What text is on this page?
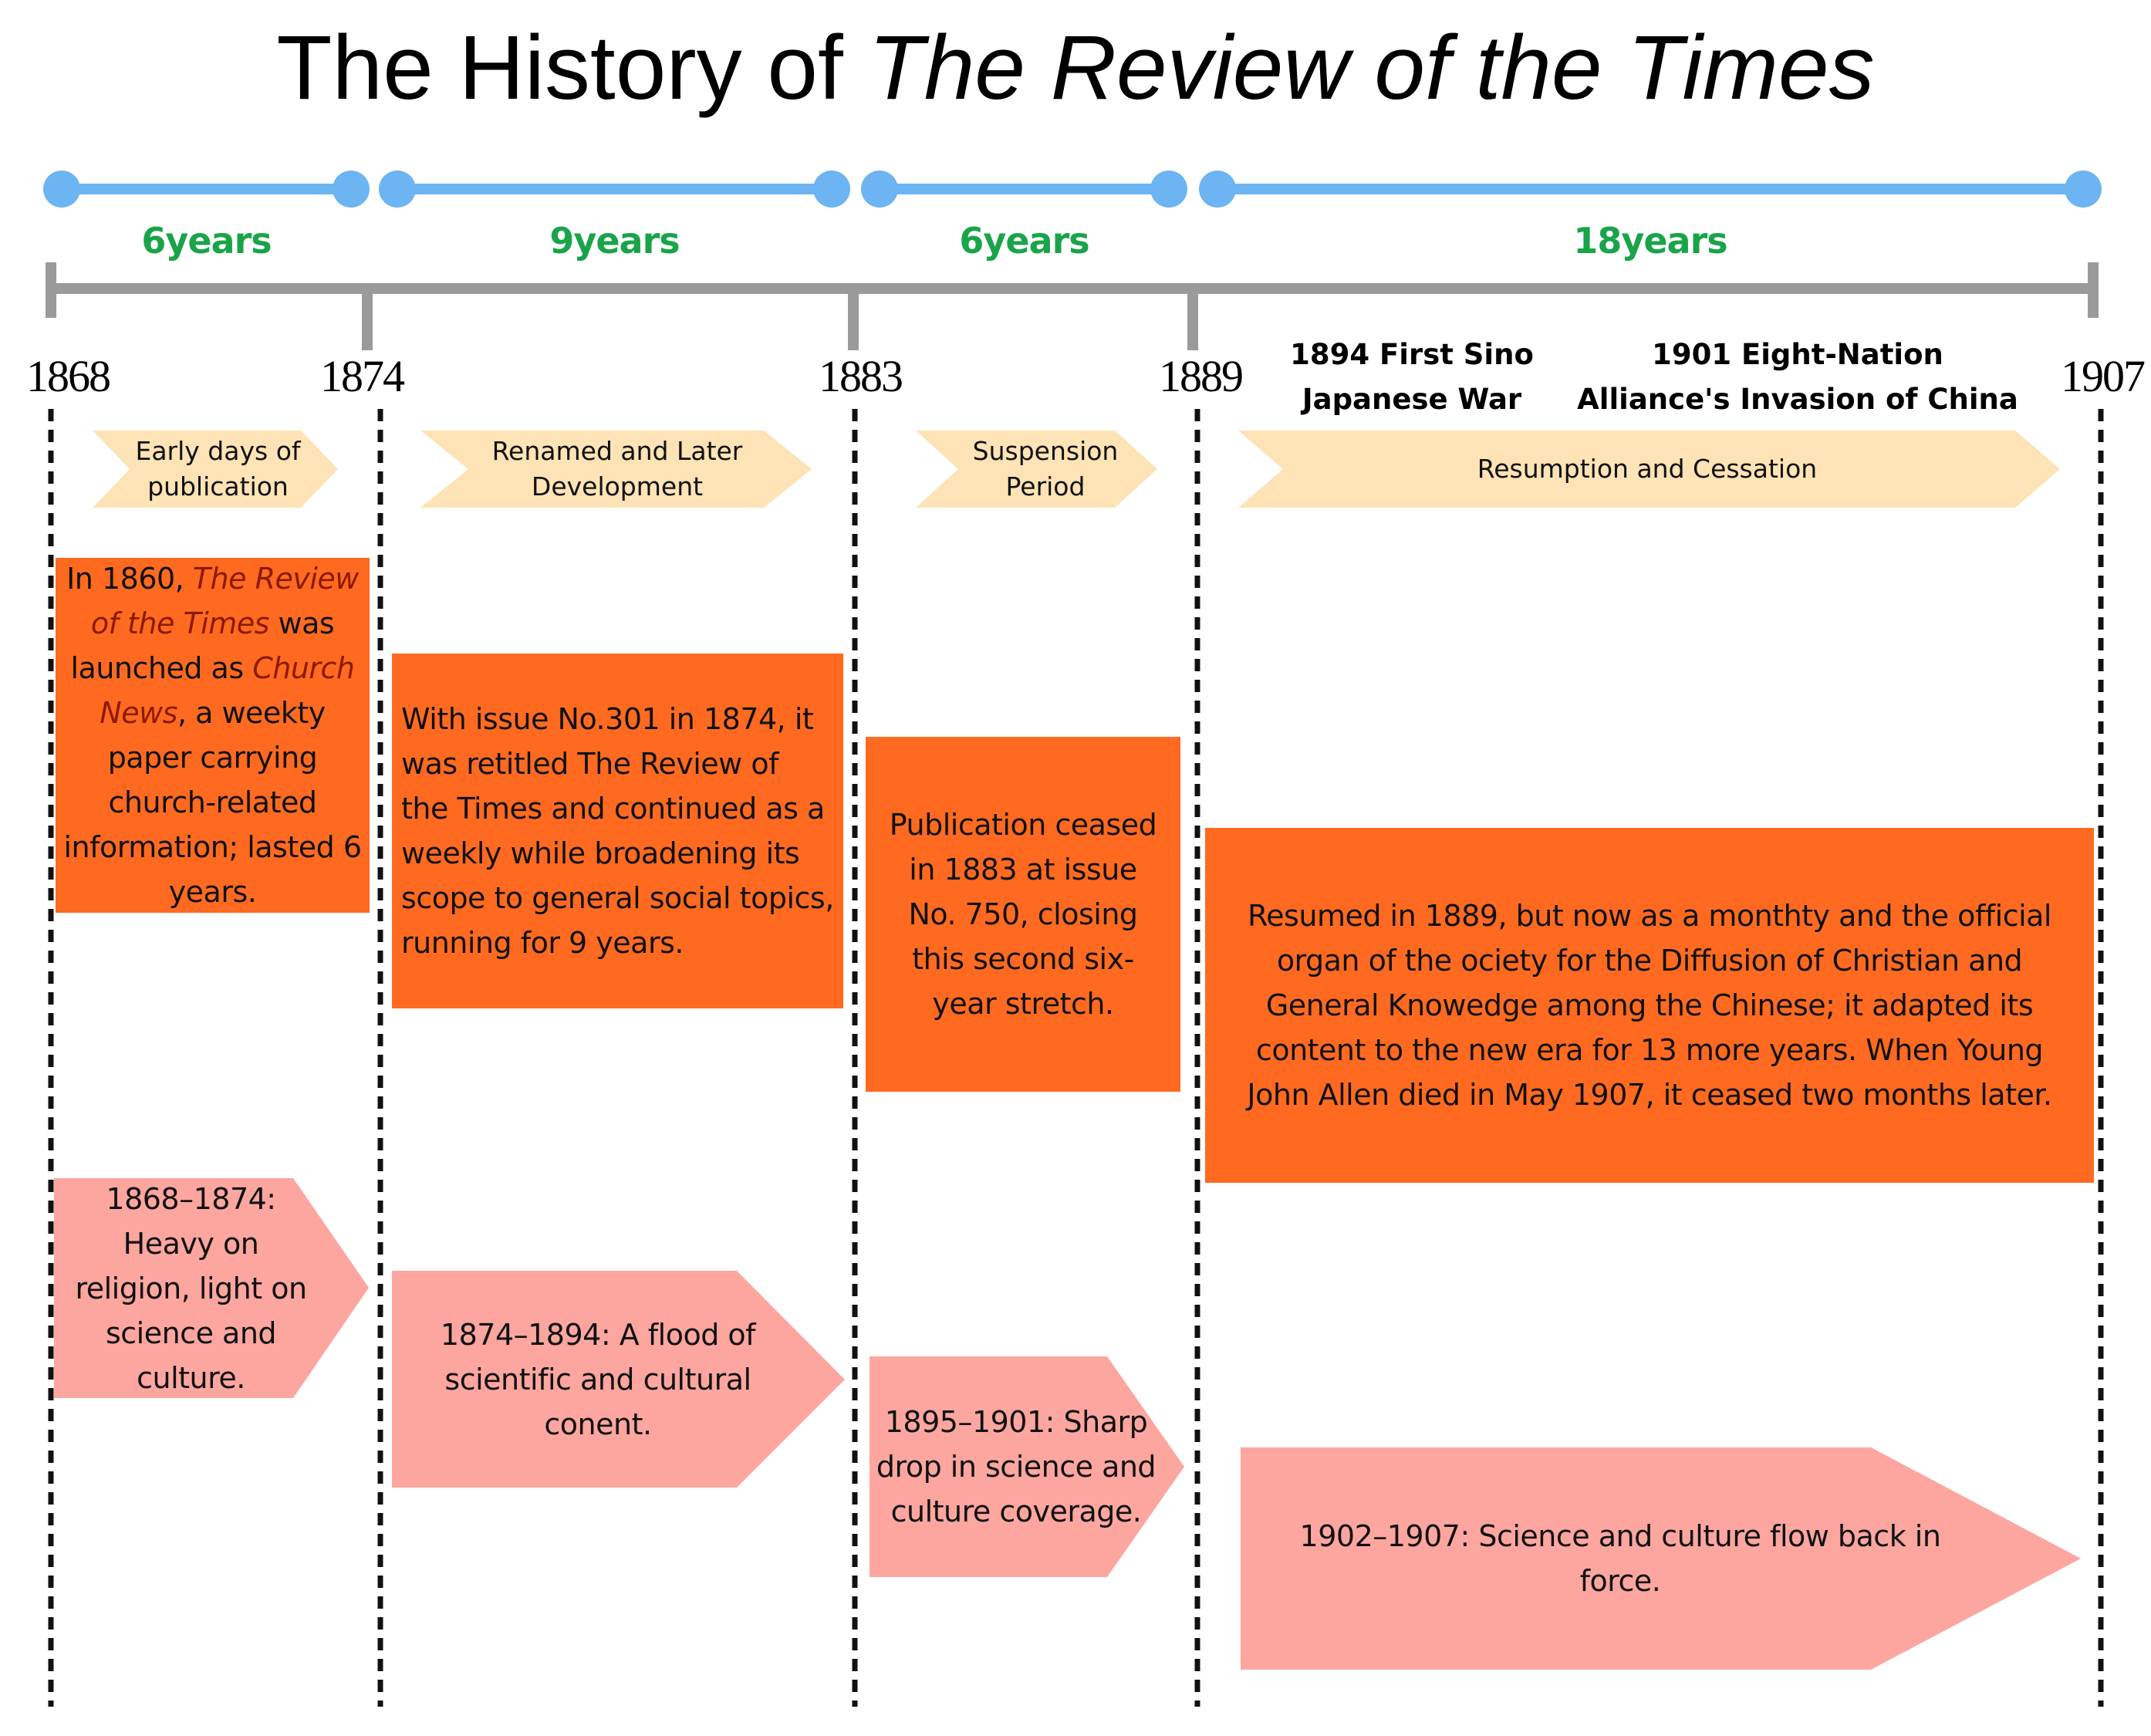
The History of The Review of the Times
6years	9years	6years	18years
1868	1874	1883	1889	1907
1894 First Sino
Japanese War
1901 Eight-Nation
Alliance's Invasion of China
Early days of
publication
Renamed and Later
Development
Suspension
Period
Resumption and Cessation
In 1860, The Review of the Times was launched as Church News, a weekty paper carrying church-related information; lasted 6 years.
With issue No.301 in 1874, it was retitled The Review of the Times and continued as a weekly while broadening its scope to general social topics, running for 9 years.
Publication ceased in 1883 at issue No. 750, closing this second six-year stretch.
Resumed in 1889, but now as a monthty and the official organ of the ociety for the Diffusion of Christian and General Knowedge among the Chinese; it adapted its content to the new era for 13 more years. When Young John Allen died in May 1907, it ceased two months later.
1868–1874: Heavy on religion, light on science and culture.
1874–1894: A flood of scientific and cultural conent.	1895–1901: Sharp drop in science and culture coverage.
1902–1907: Science and culture flow back in force.
